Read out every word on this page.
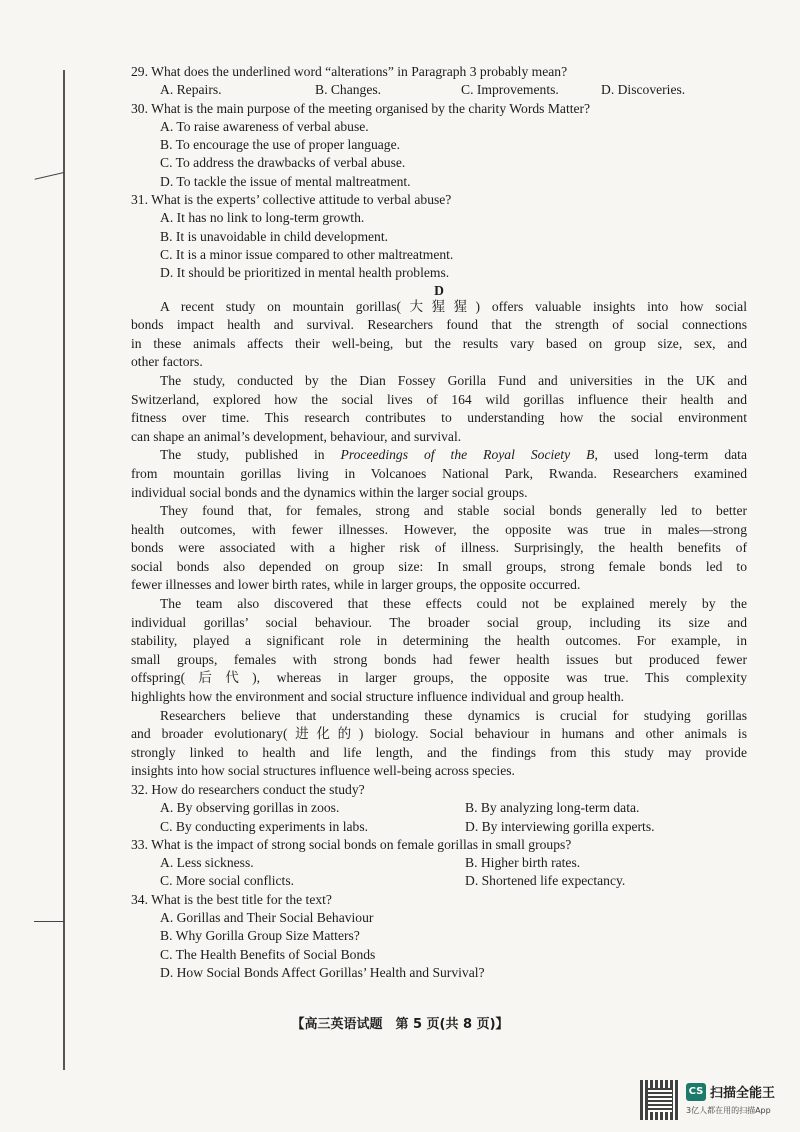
29. What does the underlined word “alterations” in Paragraph 3 probably mean?
A. Repairs.	B. Changes.	C. Improvements.	D. Discoveries.
30. What is the main purpose of the meeting organised by the charity Words Matter?
A. To raise awareness of verbal abuse.
B. To encourage the use of proper language.
C. To address the drawbacks of verbal abuse.
D. To tackle the issue of mental maltreatment.
31. What is the experts’ collective attitude to verbal abuse?
A. It has no link to long-term growth.
B. It is unavoidable in child development.
C. It is a minor issue compared to other maltreatment.
D. It should be prioritized in mental health problems.
D
A recent study on mountain gorillas(大猩猩) offers valuable insights into how social
bonds impact health and survival. Researchers found that the strength of social connections
in these animals affects their well-being, but the results vary based on group size, sex, and
other factors.
The study, conducted by the Dian Fossey Gorilla Fund and universities in the UK and
Switzerland, explored how the social lives of 164 wild gorillas influence their health and
fitness over time. This research contributes to understanding how the social environment
can shape an animal’s development, behaviour, and survival.
The study, published in Proceedings of the Royal Society B, used long-term data
from mountain gorillas living in Volcanoes National Park, Rwanda. Researchers examined
individual social bonds and the dynamics within the larger social groups.
They found that, for females, strong and stable social bonds generally led to better
health outcomes, with fewer illnesses. However, the opposite was true in males—strong
bonds were associated with a higher risk of illness. Surprisingly, the health benefits of
social bonds also depended on group size: In small groups, strong female bonds led to
fewer illnesses and lower birth rates, while in larger groups, the opposite occurred.
The team also discovered that these effects could not be explained merely by the
individual gorillas’ social behaviour. The broader social group, including its size and
stability, played a significant role in determining the health outcomes. For example, in
small groups, females with strong bonds had fewer health issues but produced fewer
offspring(后代), whereas in larger groups, the opposite was true. This complexity
highlights how the environment and social structure influence individual and group health.
Researchers believe that understanding these dynamics is crucial for studying gorillas
and broader evolutionary(进化的) biology. Social behaviour in humans and other animals is
strongly linked to health and life length, and the findings from this study may provide
insights into how social structures influence well-being across species.
32. How do researchers conduct the study?
A. By observing gorillas in zoos.	B. By analyzing long-term data.
C. By conducting experiments in labs.	D. By interviewing gorilla experts.
33. What is the impact of strong social bonds on female gorillas in small groups?
A. Less sickness.	B. Higher birth rates.
C. More social conflicts.	D. Shortened life expectancy.
34. What is the best title for the text?
A. Gorillas and Their Social Behaviour
B. Why Gorilla Group Size Matters?
C. The Health Benefits of Social Bonds
D. How Social Bonds Affect Gorillas’ Health and Survival?
【高三英语试题　第 5 页(共 8 页)】
CS 扫描全能王
3亿人都在用的扫描App
